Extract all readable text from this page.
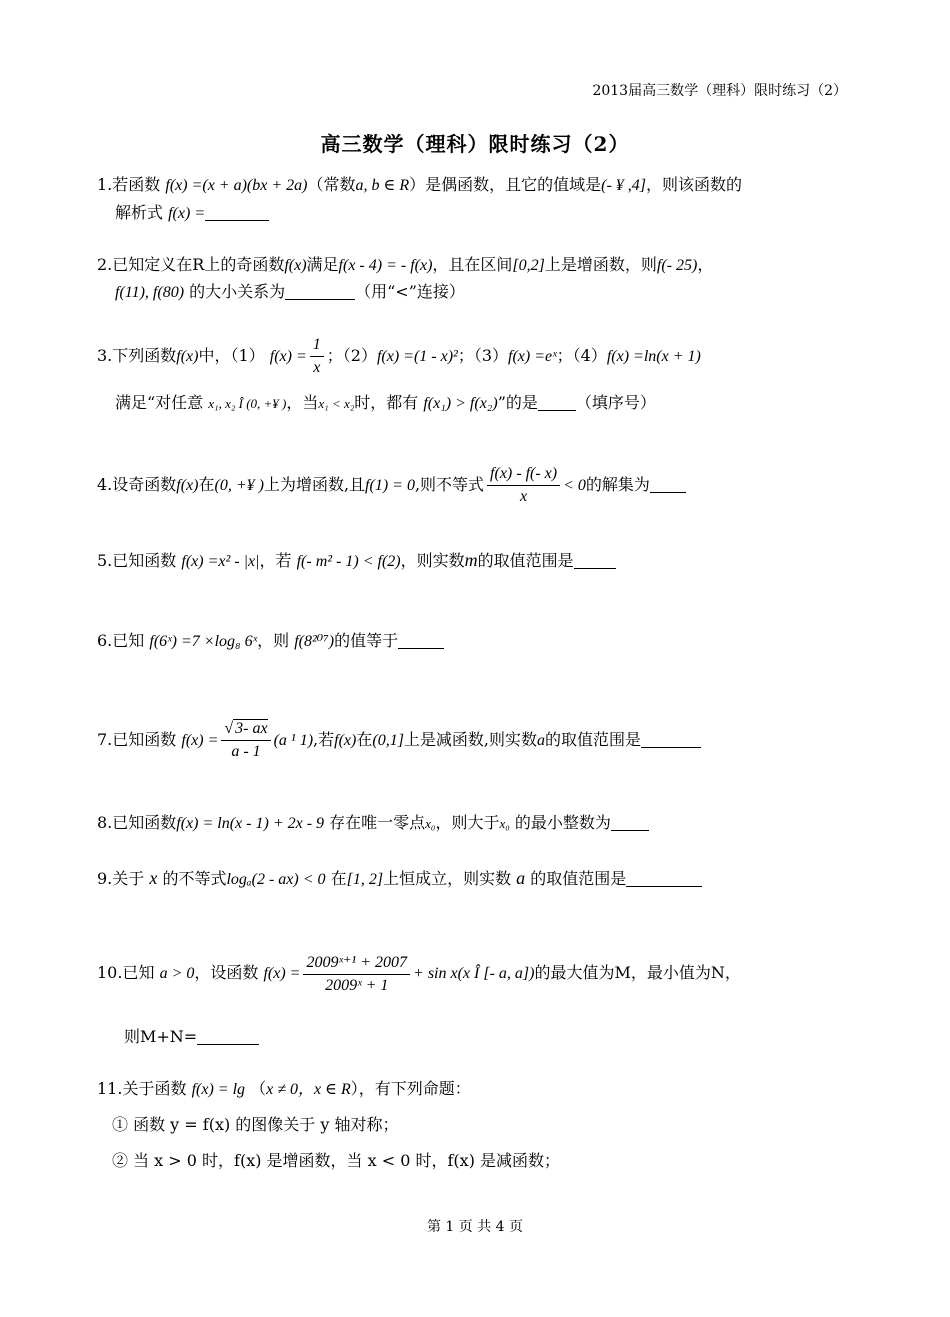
2013届高三数学（理科）限时练习（2）
高三数学（理科）限时练习（2）
1.若函数 f(x) =(x + a)(bx + 2a)（常数a, b ∈ R）是偶函数，且它的值域是(- ¥ ,4]，则该函数的
解析式 f(x) =
2.已知定义在R上的奇函数f(x)满足f(x - 4) = - f(x)，且在区间[0,2]上是增函数，则f(- 25)，
f(11), f(80) 的大小关系为	（用“<”连接）
3.下列函数f(x)中，（1） $f(x) = \frac{1}{x}$ ；（2）f(x) =(1 - x)²；（3）f(x) =eˣ；（4）f(x) =ln(x + 1)
满足“对任意 x₁, x₂ Î (0, +¥ )，当x₁ < x₂时，都有 f(x₁) > f(x₂)”的是 （填序号）
4.设奇函数f(x)在(0, +¥ )上为增函数,且f(1) = 0,则不等式 $\frac{f(x) - f(- x)}{x} < 0$的解集为
5.已知函数 f(x) =x² - |x|，若 f(- m² - 1) < f(2)，则实数m的取值范围是
6.已知 f(6ˣ) =7 ×log₈ 6ˣ，则 f(8²⁰⁷)的值等于
7.已知函数 $f(x) = \frac{√ 3- ax}{a - 1} (a$ ¹ 1),若f(x)在(0,1]上是减函数,则实数a的取值范围是
8.已知函数f(x) = ln(x - 1) + 2x - 9 存在唯一零点x₀，则大于x₀ 的最小整数为
9.关于 x 的不等式logₐ(2 - ax) < 0 在[1, 2]上恒成立，则实数 a 的取值范围是
10.已知 a > 0，设函数 $f(x) = \frac{\text{2009ˣ⁺¹ + 2007}}{\text{2009ˣ + 1}} + \sin x(x$ Î [- a, a])的最大值为M，最小值为N，
则M+N=
11.关于函数 f(x) = lg （x ≠ 0，x ∈ R），有下列命题：
① 函数 y = f(x) 的图像关于 y 轴对称；
② 当 x > 0 时，f(x) 是增函数，当 x < 0 时，f(x) 是减函数；
第 1 页 共 4 页
